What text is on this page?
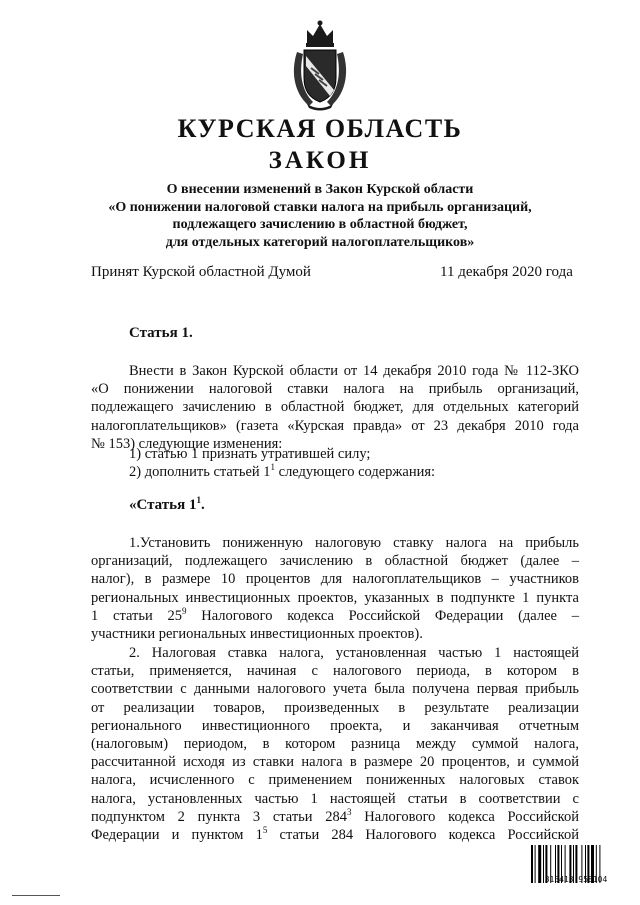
КУРСКАЯ ОБЛАСТЬ
ЗАКОН
О внесении изменений в Закон Курской области
«О понижении налоговой ставки налога на прибыль организаций,
подлежащего зачислению в областной бюджет,
для отдельных категорий налогоплательщиков»
Принят Курской областной Думой	11 декабря 2020 года
Статья 1.
Внести в Закон Курской области от 14 декабря 2010 года № 112-ЗКО
«О понижении налоговой ставки налога на прибыль организаций,
подлежащего зачислению в областной бюджет, для отдельных категорий
налогоплательщиков» (газета «Курская правда» от 23 декабря 2010 года
№ 153) следующие изменения:
1) статью 1 признать утратившей силу;
2) дополнить статьей $1^1$ следующего содержания:
«Статья $1^1$.
1.Установить пониженную налоговую ставку налога на прибыль
организаций, подлежащего зачислению в областной бюджет (далее –
налог), в размере 10 процентов для налогоплательщиков – участников
региональных инвестиционных проектов, указанных в подпункте 1 пункта
1 статьи $25^9$ Налогового кодекса Российской Федерации (далее –
участники региональных инвестиционных проектов).
2. Налоговая ставка налога, установленная частью 1 настоящей
статьи, применяется, начиная с налогового периода, в котором в
соответствии с данными налогового учета была получена первая прибыль
от реализации товаров, произведенных в результате реализации
регионального инвестиционного проекта, и заканчивая отчетным
(налоговым) периодом, в котором разница между суммой налога,
рассчитанной исходя из ставки налога в размере 20 процентов, и суммой
налога, исчисленного с применением пониженных налоговых ставок
налога, установленных частью 1 настоящей статьи в соответствии с
подпунктом 2 пункта 3 статьи $284^3$ Налогового кодекса Российской
Федерации и пунктом $1^5$ статьи 284 Налогового кодекса Российской
313413 958104
